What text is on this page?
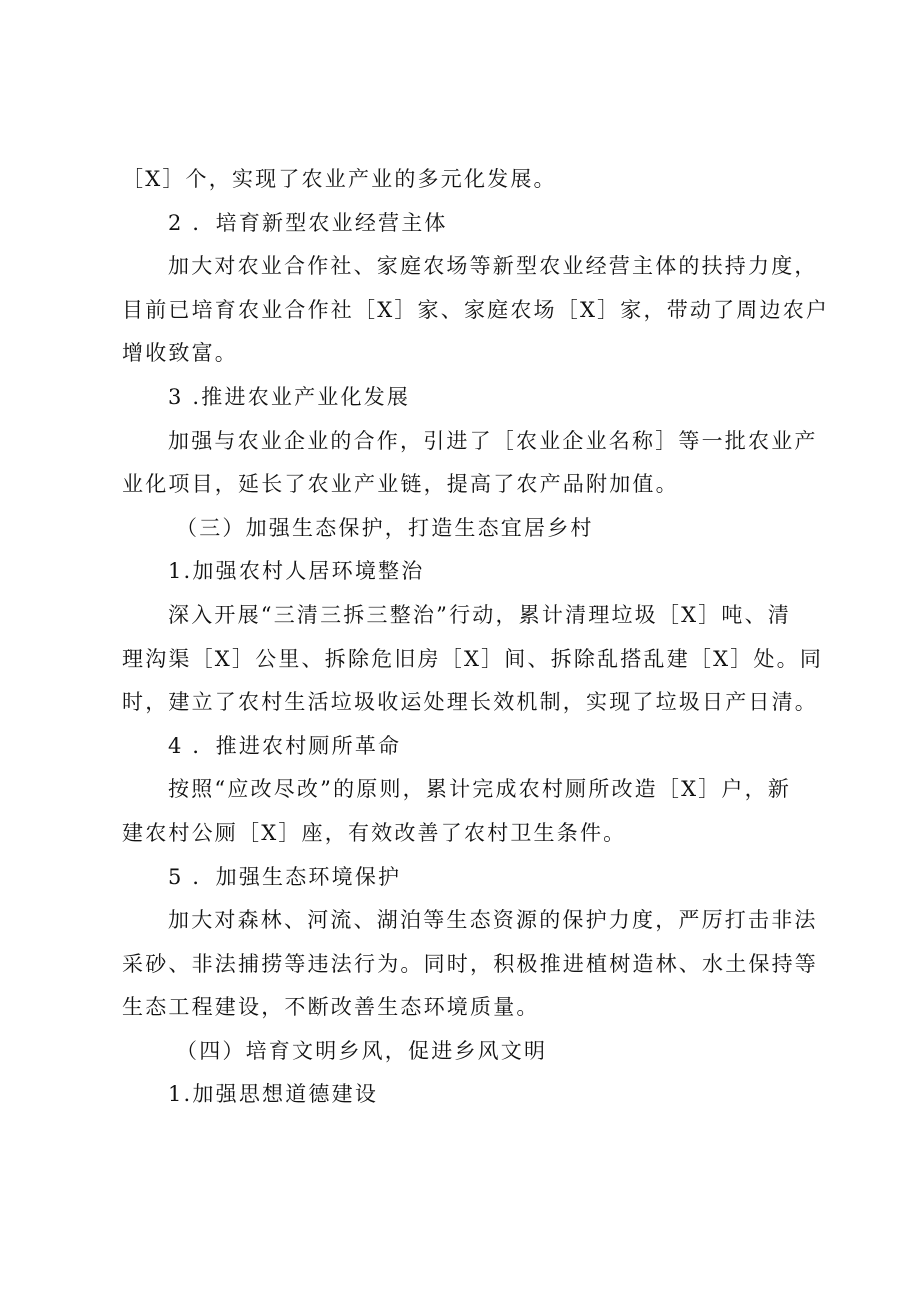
［X］个，实现了农业产业的多元化发展。
2 ．培育新型农业经营主体
加大对农业合作社、家庭农场等新型农业经营主体的扶持力度，
目前已培育农业合作社［X］家、家庭农场［X］家，带动了周边农户
增收致富。
3 .推进农业产业化发展
加强与农业企业的合作，引进了［农业企业名称］等一批农业产
业化项目，延长了农业产业链，提高了农产品附加值。
（三）加强生态保护，打造生态宜居乡村
1.加强农村人居环境整治
深入开展“三清三拆三整治”行动，累计清理垃圾［X］吨、清
理沟渠［X］公里、拆除危旧房［X］间、拆除乱搭乱建［X］处。同
时，建立了农村生活垃圾收运处理长效机制，实现了垃圾日产日清。
4 ．推进农村厕所革命
按照“应改尽改”的原则，累计完成农村厕所改造［X］户，新
建农村公厕［X］座，有效改善了农村卫生条件。
5 ．加强生态环境保护
加大对森林、河流、湖泊等生态资源的保护力度，严厉打击非法
采砂、非法捕捞等违法行为。同时，积极推进植树造林、水土保持等
生态工程建设，不断改善生态环境质量。
（四）培育文明乡风，促进乡风文明
1.加强思想道德建设
